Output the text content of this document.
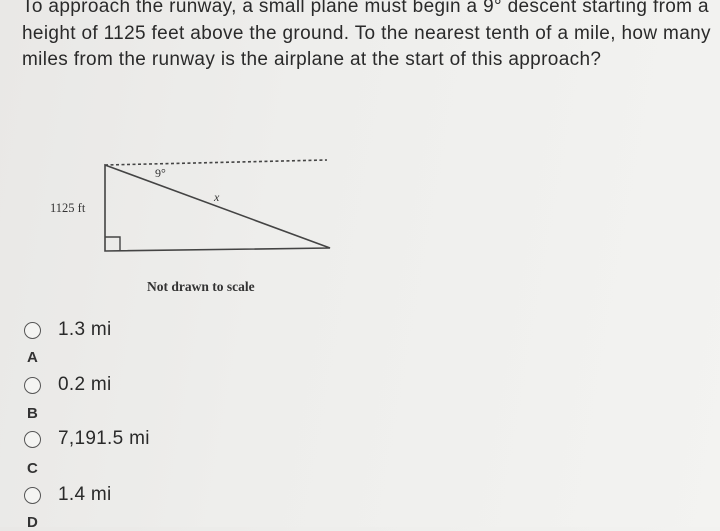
To approach the runway, a small plane must begin a 9° descent starting from a height of 1125 feet above the ground. To the nearest tenth of a mile, how many miles from the runway is the airplane at the start of this approach?

1125 ft
9°
x
Not drawn to scale
1.3 mi
A
0.2 mi
B
7,191.5 mi
C
1.4 mi
D
